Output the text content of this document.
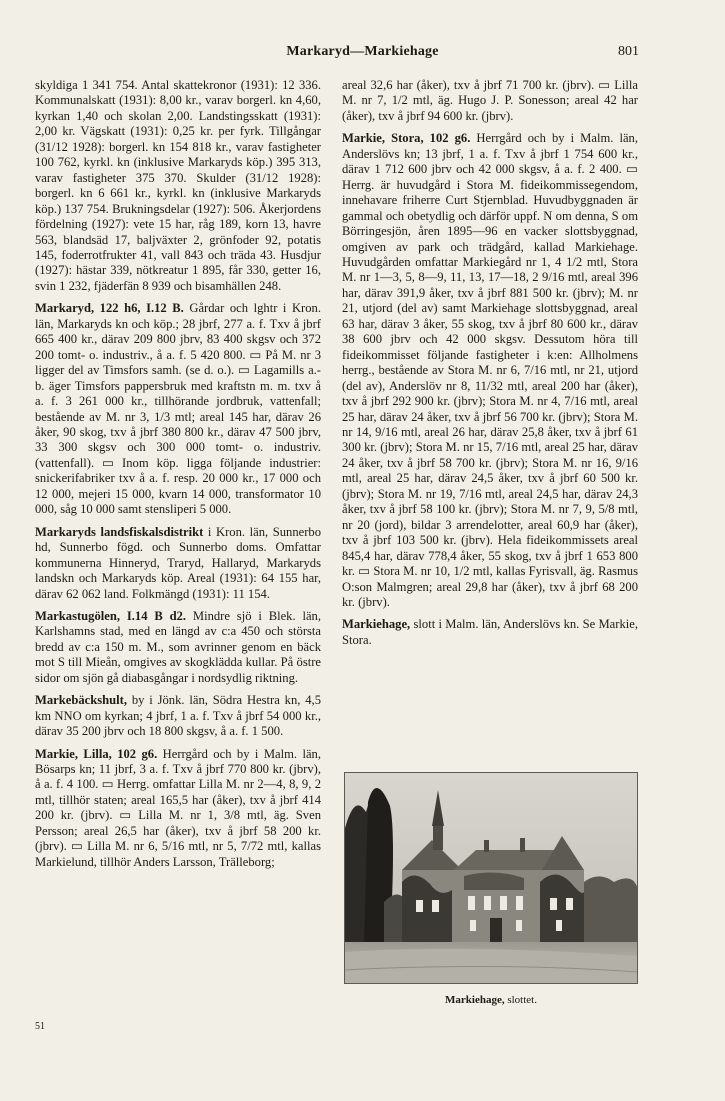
Markaryd—Markiehage	801

skyldiga 1 341 754. Antal skattekronor (1931): 12 336. Kommunalskatt (1931): 8,00 kr., varav borgerl. kn 4,60, kyrkan 1,40 och skolan 2,00. Landstingsskatt (1931): 2,00 kr. Vägskatt (1931): 0,25 kr. per fyrk. Tillgångar (31/12 1928): borgerl. kn 154 818 kr., varav fastigheter 100 762, kyrkl. kn (inklusive Markaryds köp.) 395 313, varav fastigheter 375 370. Skulder (31/12 1928): borgerl. kn 6 661 kr., kyrkl. kn (inklusive Markaryds köp.) 137 754. Brukningsdelar (1927): 506. Åkerjordens fördelning (1927): vete 15 har, råg 189, korn 13, havre 563, blandsäd 17, baljväxter 2, grönfoder 92, potatis 145, foderrotfrukter 41, vall 843 och träda 43. Husdjur (1927): hästar 339, nötkreatur 1 895, får 330, getter 16, svin 1 232, fjäderfän 8 939 och bisamhällen 248.

Markaryd, 122 h6, I.12 B. Gårdar och lghtr i Kron. län, Markaryds kn och köp.; 28 jbrf, 277 a. f. Txv å jbrf 665 400 kr., därav 209 800 jbrv, 83 400 skgsv och 372 200 tomt- o. industriv., å a. f. 5 420 800. ▭ På M. nr 3 ligger del av Timsfors samh. (se d. o.). ▭ Lagamills a.-b. äger Timsfors pappersbruk med kraftstn m. m. txv å a. f. 3 261 000 kr., tillhörande jordbruk, vattenfall; bestående av M. nr 3, 1/3 mtl; areal 145 har, därav 26 åker, 90 skog, txv å jbrf 380 800 kr., därav 47 500 jbrv, 33 300 skgsv och 300 000 tomt- o. industriv. (vattenfall). ▭ Inom köp. ligga följande industrier: snickerifabriker txv å a. f. resp. 20 000 kr., 17 000 och 12 000, mejeri 15 000, kvarn 14 000, transformator 10 000, såg 10 000 samt stensliperi 5 000.

Markaryds landsfiskalsdistrikt i Kron. län, Sunnerbo hd, Sunnerbo fögd. och Sunnerbo doms. Omfattar kommunerna Hinneryd, Traryd, Hallaryd, Markaryds landskn och Markaryds köp. Areal (1931): 64 155 har, därav 62 062 land. Folkmängd (1931): 11 154.

Markastugölen, I.14 B d2. Mindre sjö i Blek. län, Karlshamns stad, med en längd av c:a 450 och största bredd av c:a 150 m. M., som avrinner genom en bäck mot S till Mieån, omgives av skogklädda kullar. På östre sidor om sjön gå diabasgångar i nordsydlig riktning.

Markebäckshult, by i Jönk. län, Södra Hestra kn, 4,5 km NNO om kyrkan; 4 jbrf, 1 a. f. Txv å jbrf 54 000 kr., därav 35 200 jbrv och 18 800 skgsv, å a. f. 1 500.

Markie, Lilla, 102 g6. Herrgård och by i Malm. län, Bösarps kn; 11 jbrf, 3 a. f. Txv å jbrf 770 800 kr. (jbrv), å a. f. 4 100. ▭ Herrg. omfattar Lilla M. nr 2—4, 8, 9, 2 mtl, tillhör staten; areal 165,5 har (åker), txv å jbrf 414 200 kr. (jbrv). ▭ Lilla M. nr 1, 3/8 mtl, äg. Sven Persson; areal 26,5 har (åker), txv å jbrf 58 200 kr. (jbrv). ▭ Lilla M. nr 6, 5/16 mtl, nr 5, 7/72 mtl, kallas Markielund, tillhör Anders Larsson, Trälleborg;

areal 32,6 har (åker), txv å jbrf 71 700 kr. (jbrv). ▭ Lilla M. nr 7, 1/2 mtl, äg. Hugo J. P. Sonesson; areal 42 har (åker), txv å jbrf 94 600 kr. (jbrv).

Markie, Stora, 102 g6. Herrgård och by i Malm. län, Anderslövs kn; 13 jbrf, 1 a. f. Txv å jbrf 1 754 600 kr., därav 1 712 600 jbrv och 42 000 skgsv, å a. f. 2 400. ▭ Herrg. är huvudgård i Stora M. fideikommissegendom, innehavare friherre Curt Stjernblad. Huvudbyggnaden är gammal och obetydlig och därför uppf. N om denna, S om Börringesjön, åren 1895—96 en vacker slottsbyggnad, omgiven av park och trädgård, kallad Markiehage. Huvudgården omfattar Markiegård nr 1, 4 1/2 mtl, Stora M. nr 1—3, 5, 8—9, 11, 13, 17—18, 2 9/16 mtl, areal 396 har, därav 391,9 åker, txv å jbrf 881 500 kr. (jbrv); M. nr 21, utjord (del av) samt Markiehage slottsbyggnad, areal 63 har, därav 3 åker, 55 skog, txv å jbrf 80 600 kr., därav 38 600 jbrv och 42 000 skgsv. Dessutom höra till fideikommisset följande fastigheter i k:en: Allholmens herrg., bestående av Stora M. nr 6, 7/16 mtl, nr 21, utjord (del av), Anderslöv nr 8, 11/32 mtl, areal 200 har (åker), txv å jbrf 292 900 kr. (jbrv); Stora M. nr 4, 7/16 mtl, areal 25 har, därav 24 åker, txv å jbrf 56 700 kr. (jbrv); Stora M. nr 14, 9/16 mtl, areal 26 har, därav 25,8 åker, txv å jbrf 61 300 kr. (jbrv); Stora M. nr 15, 7/16 mtl, areal 25 har, därav 24 åker, txv å jbrf 58 700 kr. (jbrv); Stora M. nr 16, 9/16 mtl, areal 25 har, därav 24,5 åker, txv å jbrf 60 500 kr. (jbrv); Stora M. nr 19, 7/16 mtl, areal 24,5 har, därav 24,3 åker, txv å jbrf 58 100 kr. (jbrv); Stora M. nr 7, 9, 5/8 mtl, nr 20 (jord), bildar 3 arrendelotter, areal 60,9 har (åker), txv å jbrf 103 500 kr. (jbrv). Hela fideikommissets areal 845,4 har, därav 778,4 åker, 55 skog, txv å jbrf 1 653 800 kr. ▭ Stora M. nr 10, 1/2 mtl, kallas Fyrisvall, äg. Rasmus O:son Malmgren; areal 29,8 har (åker), txv å jbrf 68 200 kr. (jbrv).

Markiehage, slott i Malm. län, Anderslövs kn. Se Markie, Stora.

Markiehage, slottet.
51
